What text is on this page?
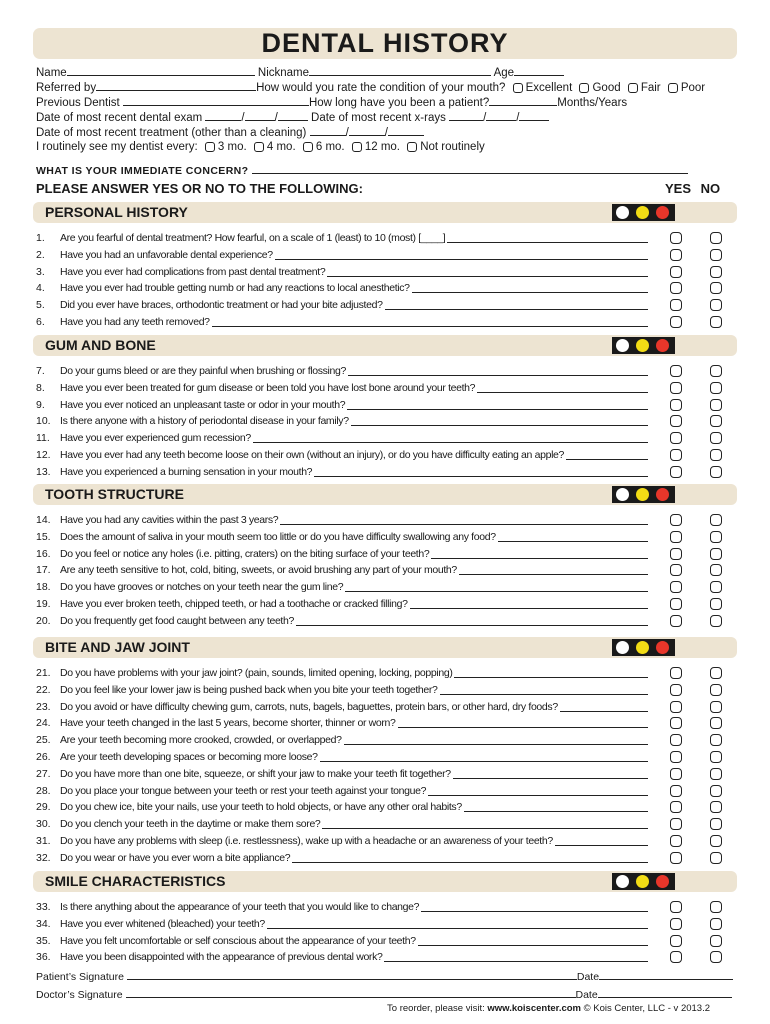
DENTAL HISTORY
Name	Nickname	Age
Referred by	How would you rate the condition of your mouth? Excellent Good Fair Poor
Previous Dentist	How long have you been a patient?	Months/Years
Date of most recent dental exam	/	/	Date of most recent x-rays	/	/
Date of most recent treatment (other than a cleaning)	/	/
I routinely see my dentist every: 3 mo. 4 mo. 6 mo. 12 mo. Not routinely
WHAT IS YOUR IMMEDIATE CONCERN?
PLEASE ANSWER YES OR NO TO THE FOLLOWING:	YES NO
PERSONAL HISTORY
1. Are you fearful of dental treatment? How fearful, on a scale of 1 (least) to 10 (most) [____]
2. Have you had an unfavorable dental experience?
3. Have you ever had complications from past dental treatment?
4. Have you ever had trouble getting numb or had any reactions to local anesthetic?
5. Did you ever have braces, orthodontic treatment or had your bite adjusted?
6. Have you had any teeth removed?
GUM AND BONE
7. Do your gums bleed or are they painful when brushing or flossing?
8. Have you ever been treated for gum disease or been told you have lost bone around your teeth?
9. Have you ever noticed an unpleasant taste or odor in your mouth?
10. Is there anyone with a history of periodontal disease in your family?
11. Have you ever experienced gum recession?
12. Have you ever had any teeth become loose on their own (without an injury), or do you have difficulty eating an apple?
13. Have you experienced a burning sensation in your mouth?
TOOTH STRUCTURE
14. Have you had any cavities within the past 3 years?
15. Does the amount of saliva in your mouth seem too little or do you have difficulty swallowing any food?
16. Do you feel or notice any holes (i.e. pitting, craters) on the biting surface of your teeth?
17. Are any teeth sensitive to hot, cold, biting, sweets, or avoid brushing any part of your mouth?
18. Do you have grooves or notches on your teeth near the gum line?
19. Have you ever broken teeth, chipped teeth, or had a toothache or cracked filling?
20. Do you frequently get food caught between any teeth?
BITE AND JAW JOINT
21. Do you have problems with your jaw joint? (pain, sounds, limited opening, locking, popping)
22. Do you feel like your lower jaw is being pushed back when you bite your teeth together?
23. Do you avoid or have difficulty chewing gum, carrots, nuts, bagels, baguettes, protein bars, or other hard, dry foods?
24. Have your teeth changed in the last 5 years, become shorter, thinner or worn?
25. Are your teeth becoming more crooked, crowded, or overlapped?
26. Are your teeth developing spaces or becoming more loose?
27. Do you have more than one bite, squeeze, or shift your jaw to make your teeth fit together?
28. Do you place your tongue between your teeth or rest your teeth against your tongue?
29. Do you chew ice, bite your nails, use your teeth to hold objects, or have any other oral habits?
30. Do you clench your teeth in the daytime or make them sore?
31. Do you have any problems with sleep (i.e. restlessness), wake up with a headache or an awareness of your teeth?
32. Do you wear or have you ever worn a bite appliance?
SMILE CHARACTERISTICS
33. Is there anything about the appearance of your teeth that you would like to change?
34. Have you ever whitened (bleached) your teeth?
35. Have you felt uncomfortable or self conscious about the appearance of your teeth?
36. Have you been disappointed with the appearance of previous dental work?
Patient’s Signature	Date
Doctor’s Signature	Date
To reorder, please visit: www.koiscenter.com © Kois Center, LLC - v 2013.2
